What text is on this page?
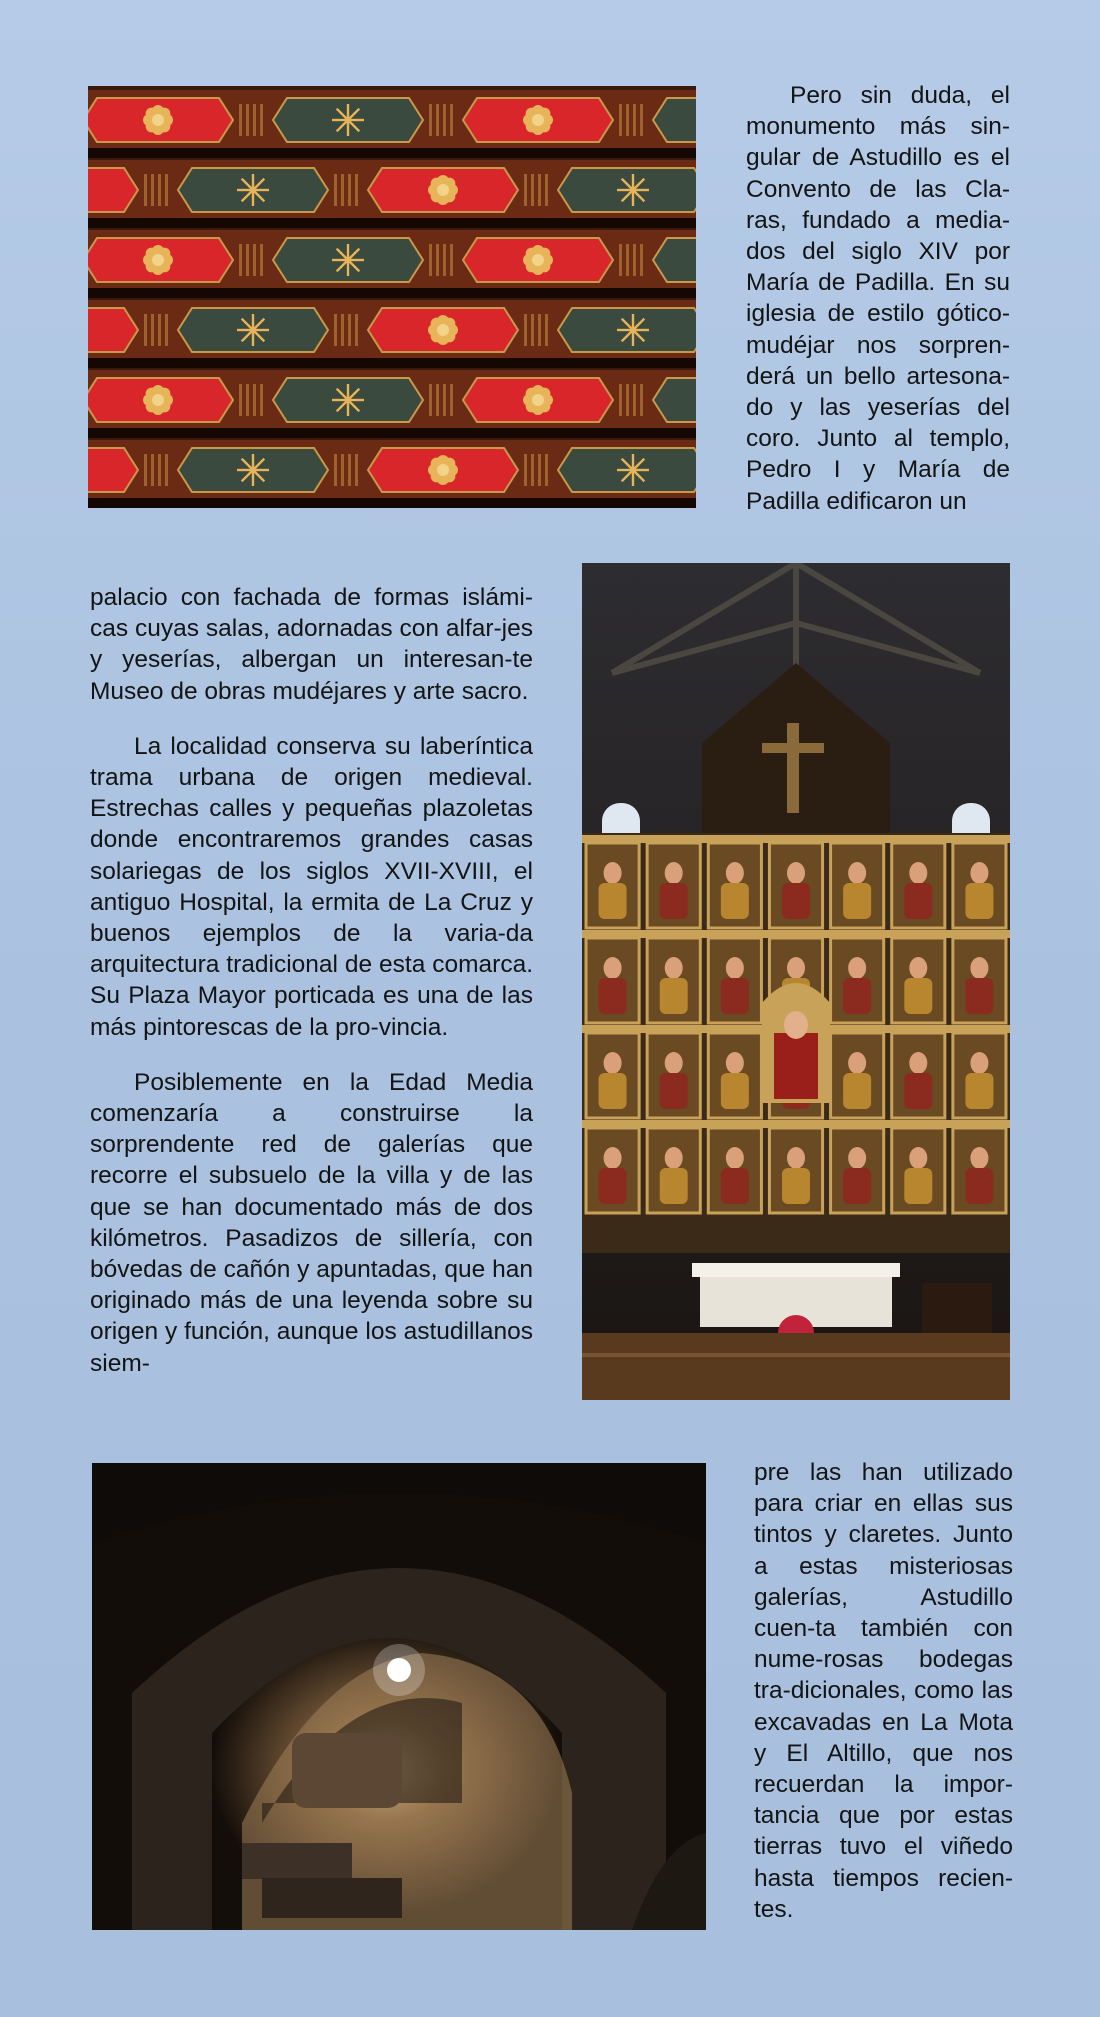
Pero sin duda, el monumento más sin-gular de Astudillo es el Convento de las Cla-ras, fundado a media-dos del siglo XIV por María de Padilla. En su iglesia de estilo gótico-mudéjar nos sorpren-derá un bello artesona-do y las yeserías del coro. Junto al templo, Pedro I y María de Padilla edificaron un

palacio con fachada de formas islámi-cas cuyas salas, adornadas con alfar-jes y yeserías, albergan un interesan-te Museo de obras mudéjares y arte sacro.

La localidad conserva su laberíntica trama urbana de origen medieval. Estrechas calles y pequeñas plazoletas donde encontraremos grandes casas solariegas de los siglos XVII-XVIII, el antiguo Hospital, la ermita de La Cruz y buenos ejemplos de la varia-da arquitectura tradicional de esta comarca. Su Plaza Mayor porticada es una de las más pintorescas de la pro-vincia.

Posiblemente en la Edad Media comenzaría a construirse la sorprendente red de galerías que recorre el subsuelo de la villa y de las que se han documentado más de dos kilómetros. Pasadizos de sillería, con bóvedas de cañón y apuntadas, que han originado más de una leyenda sobre su origen y función, aunque los astudillanos siem-

pre las han utilizado para criar en ellas sus tintos y claretes. Junto a estas misteriosas galerías, Astudillo cuen-ta también con nume-rosas bodegas tra-dicionales, como las excavadas en La Mota y El Altillo, que nos recuerdan la impor-tancia que por estas tierras tuvo el viñedo hasta tiempos recien-tes.
